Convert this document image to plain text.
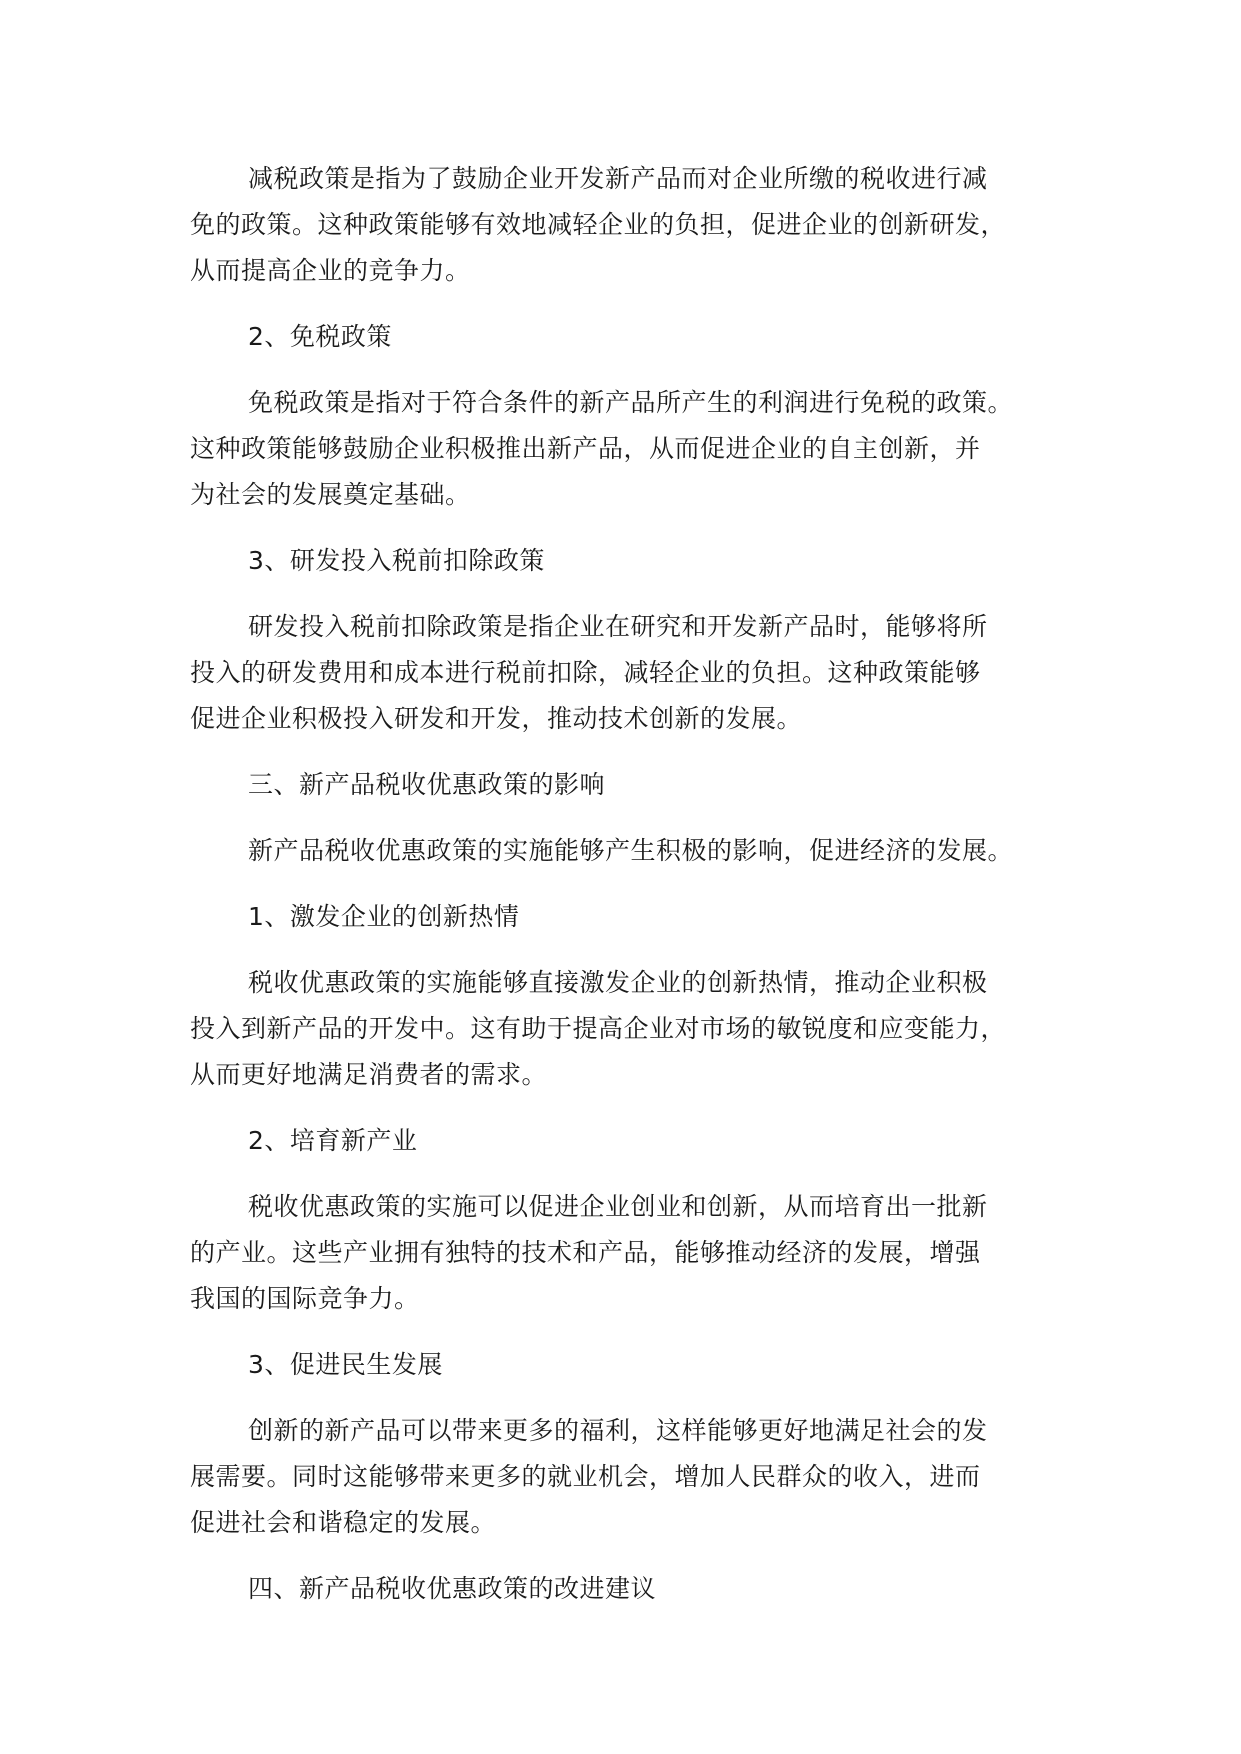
减税政策是指为了鼓励企业开发新产品而对企业所缴的税收进行减
免的政策。这种政策能够有效地减轻企业的负担，促进企业的创新研发，
从而提高企业的竞争力。

2、免税政策

免税政策是指对于符合条件的新产品所产生的利润进行免税的政策。
这种政策能够鼓励企业积极推出新产品，从而促进企业的自主创新，并
为社会的发展奠定基础。

3、研发投入税前扣除政策

研发投入税前扣除政策是指企业在研究和开发新产品时，能够将所
投入的研发费用和成本进行税前扣除，减轻企业的负担。这种政策能够
促进企业积极投入研发和开发，推动技术创新的发展。

三、新产品税收优惠政策的影响

新产品税收优惠政策的实施能够产生积极的影响，促进经济的发展。

1、激发企业的创新热情

税收优惠政策的实施能够直接激发企业的创新热情，推动企业积极
投入到新产品的开发中。这有助于提高企业对市场的敏锐度和应变能力，
从而更好地满足消费者的需求。

2、培育新产业

税收优惠政策的实施可以促进企业创业和创新，从而培育出一批新
的产业。这些产业拥有独特的技术和产品，能够推动经济的发展，增强
我国的国际竞争力。

3、促进民生发展

创新的新产品可以带来更多的福利，这样能够更好地满足社会的发
展需要。同时这能够带来更多的就业机会，增加人民群众的收入，进而
促进社会和谐稳定的发展。

四、新产品税收优惠政策的改进建议
